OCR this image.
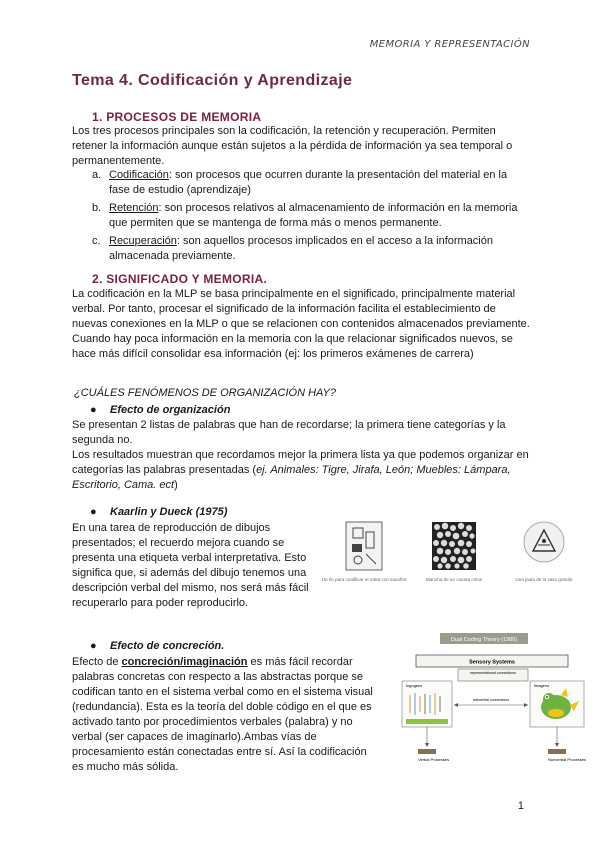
MEMORIA Y REPRESENTACIÓN
Tema 4. Codificación y Aprendizaje
1. PROCESOS DE MEMORIA

Los tres procesos principales son la codificación, la retención y recuperación. Permiten retener la información aunque están sujetos a la pérdida de información ya sea temporal o permanentemente.

a. Codificación: son procesos que ocurren durante la presentación del material en la fase de estudio (aprendizaje)
b. Retención: son procesos relativos al almacenamiento de información en la memoria que permiten que se mantenga de forma más o menos permanente.
c. Recuperación: son aquellos procesos implicados en el acceso a la información almacenada previamente.
2. SIGNIFICADO Y MEMORIA.

La codificación en la MLP se basa principalmente en el significado, principalmente material verbal. Por tanto, procesar el significado de la información facilita el establecimiento de nuevas conexiones en la MLP o que se relacionen con contenidos almacenados previamente. Cuando hay poca información en la memoria con la que relacionar significados nuevos, se hace más difícil consolidar esa información (ej: los primeros exámenes de carrera)

¿CUÁLES FENÓMENOS DE ORGANIZACIÓN HAY?
● Efecto de organización

Se presentan 2 listas de palabras que han de recordarse; la primera tiene categorías y la segunda no.

Los resultados muestran que recordamos mejor la primera lista ya que podemos organizar en categorías las palabras presentadas (ej. Animales: Tigre, Jirafa, León; Muebles: Lámpara, Escritorio, Cama. ect)

● Kaarlin y Dueck (1975)

En una tarea de reproducción de dibujos presentados; el recuerdo mejora cuando se presenta una etiqueta verbal interpretativa. Esto significa que, si además del dibujo tenemos una descripción verbal del mismo, nos será más fácil recuperarlo para poder reproducirlo.

Un lío para cualificar el robot con saxofón	Mancha de un cuenta cirios	Una jaula de la vaso grande
● Efecto de concreción.

Efecto de concreción/imaginación es más fácil recordar palabras concretas con respecto a las abstractas porque se codifican tanto en el sistema verbal como en el sistema visual (redundancia). Esta es la teoría del doble código en el que es activado tanto por procedimientos verbales (palabra) y no verbal (ser capaces de imaginarlo).Ambas vías de procesamiento están conectadas entre sí. Así la codificación es mucho más sólida.

Dual Coding Theory (1986)
Sensory Systems
representational connections
logogens	imagens
referential connections
Verbal Processes	Nonverbal Processes
1
